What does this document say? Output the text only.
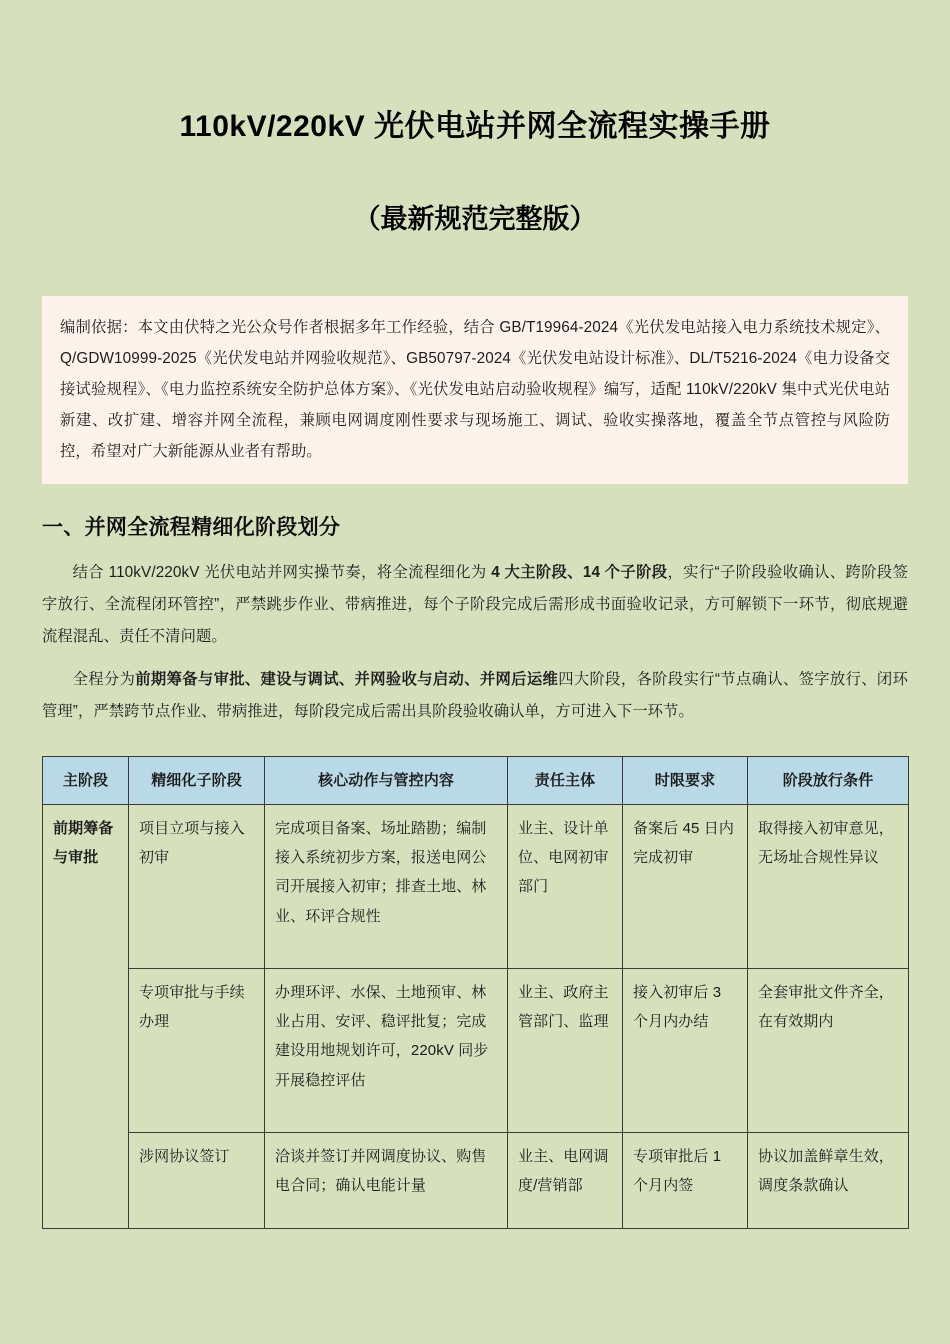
110kV/220kV 光伏电站并网全流程实操手册
（最新规范完整版）

编制依据：本文由伏特之光公众号作者根据多年工作经验，结合 GB/T19964-2024《光伏发电站接入电力系统技术规定》、Q/GDW10999-2025《光伏发电站并网验收规范》、GB50797-2024《光伏发电站设计标准》、DL/T5216-2024《电力设备交接试验规程》、《电力监控系统安全防护总体方案》、《光伏发电站启动验收规程》编写，适配 110kV/220kV 集中式光伏电站新建、改扩建、增容并网全流程，兼顾电网调度刚性要求与现场施工、调试、验收实操落地，覆盖全节点管控与风险防控，希望对广大新能源从业者有帮助。

一、并网全流程精细化阶段划分

结合 110kV/220kV 光伏电站并网实操节奏，将全流程细化为 4 大主阶段、14 个子阶段，实行“子阶段验收确认、跨阶段签字放行、全流程闭环管控”，严禁跳步作业、带病推进，每个子阶段完成后需形成书面验收记录，方可解锁下一环节，彻底规避流程混乱、责任不清问题。

全程分为前期筹备与审批、建设与调试、并网验收与启动、并网后运维四大阶段，各阶段实行“节点确认、签字放行、闭环管理”，严禁跨节点作业、带病推进，每阶段完成后需出具阶段验收确认单，方可进入下一环节。

主阶段	精细化子阶段	核心动作与管控内容	责任主体	时限要求	阶段放行条件
前期筹备与审批	项目立项与接入初审	完成项目备案、场址踏勘；编制接入系统初步方案，报送电网公司开展接入初审；排查土地、林业、环评合规性	业主、设计单位、电网初审部门	备案后 45 日内完成初审	取得接入初审意见，无场址合规性异议
	专项审批与手续办理	办理环评、水保、土地预审、林业占用、安评、稳评批复；完成建设用地规划许可，220kV 同步开展稳控评估	业主、政府主管部门、监理	接入初审后 3 个月内办结	全套审批文件齐全，在有效期内
	涉网协议签订	洽谈并签订并网调度协议、购售电合同；确认电能计量	业主、电网调度/营销部	专项审批后 1 个月内签	协议加盖鲜章生效，调度条款确认
